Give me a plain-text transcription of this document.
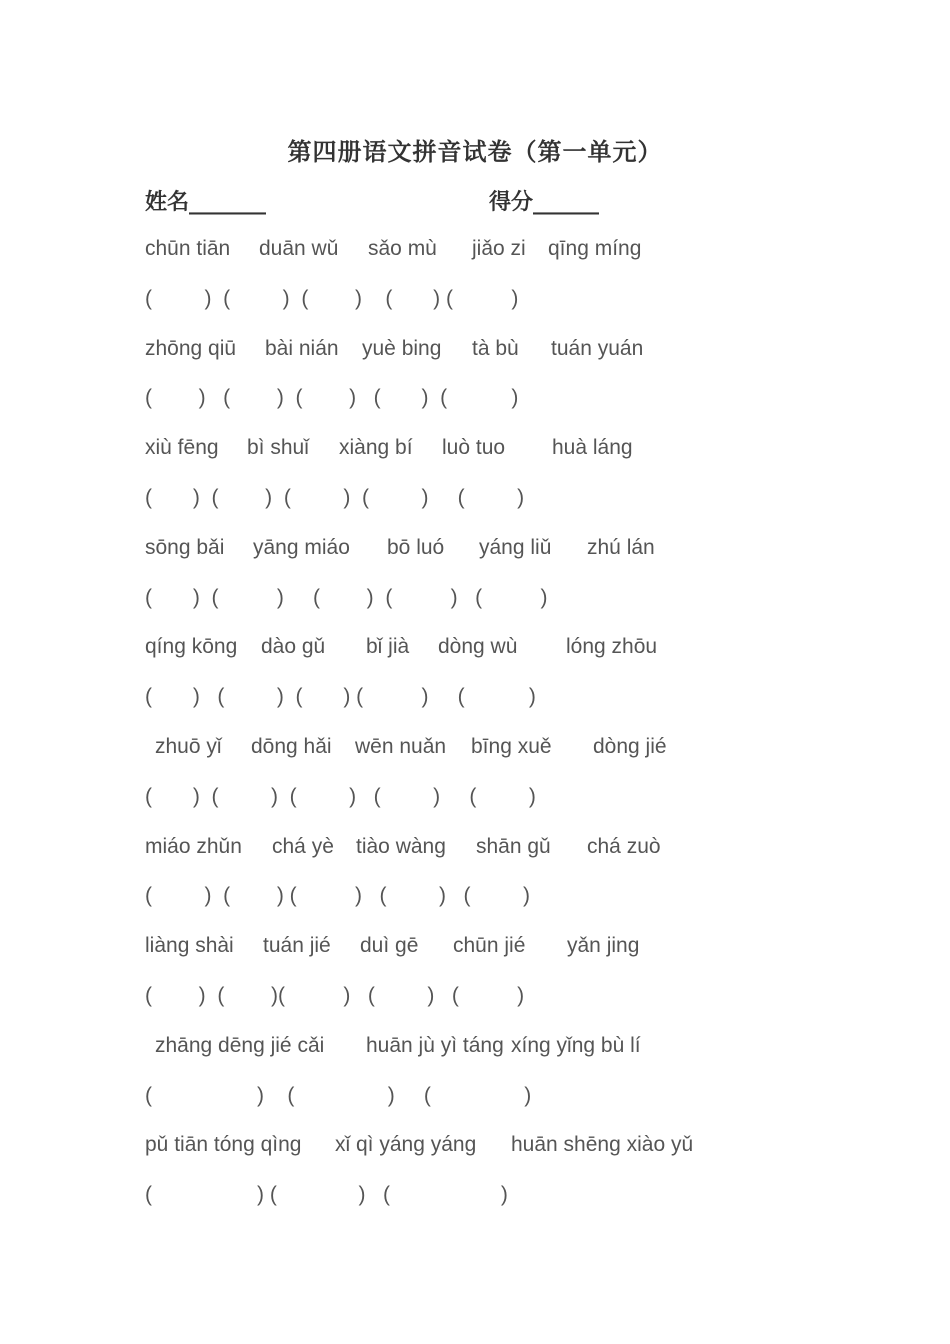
第四册语文拼音试卷（第一单元）
姓名_______	得分______
chūn tiān duān wǔ sǎo mù jiǎo zi qīng míng
(         )  (         )  (        )    (       ) (          )
zhōng qiū bài nián yuè bing tà bù tuán yuán
(        )   (        )  (        )   (       )  (           )
xiù fēng bì shuǐ xiàng bí luò tuo huà láng
(       )  (        )  (         )  (         )     (         )
sōng bǎi yāng miáo bō luó yáng liǔ zhú lán
(       )  (          )     (        )  (          )   (          )
qíng kōng dào gǔ bǐ jià dòng wù lóng zhōu
(       )   (         )  (       ) (          )     (           )
zhuō yǐ dōng hǎi wēn nuǎn bīng xuě dòng jié
(       )  (         )  (         )   (         )     (         )
miáo zhǔn chá yè tiào wàng shān gǔ chá zuò
(         )  (        ) (          )   (         )   (         )
liàng shài tuán jié duì gē chūn jié yǎn jing
(        )  (        )(          )   (         )   (          )
zhāng dēng jié cǎi huān jù yì táng xíng yǐng bù lí
(                  )    (                )     (                )
pǔ tiān tóng qìng xǐ qì yáng yáng huān shēng xiào yǔ
(                  ) (              )   (                   )
